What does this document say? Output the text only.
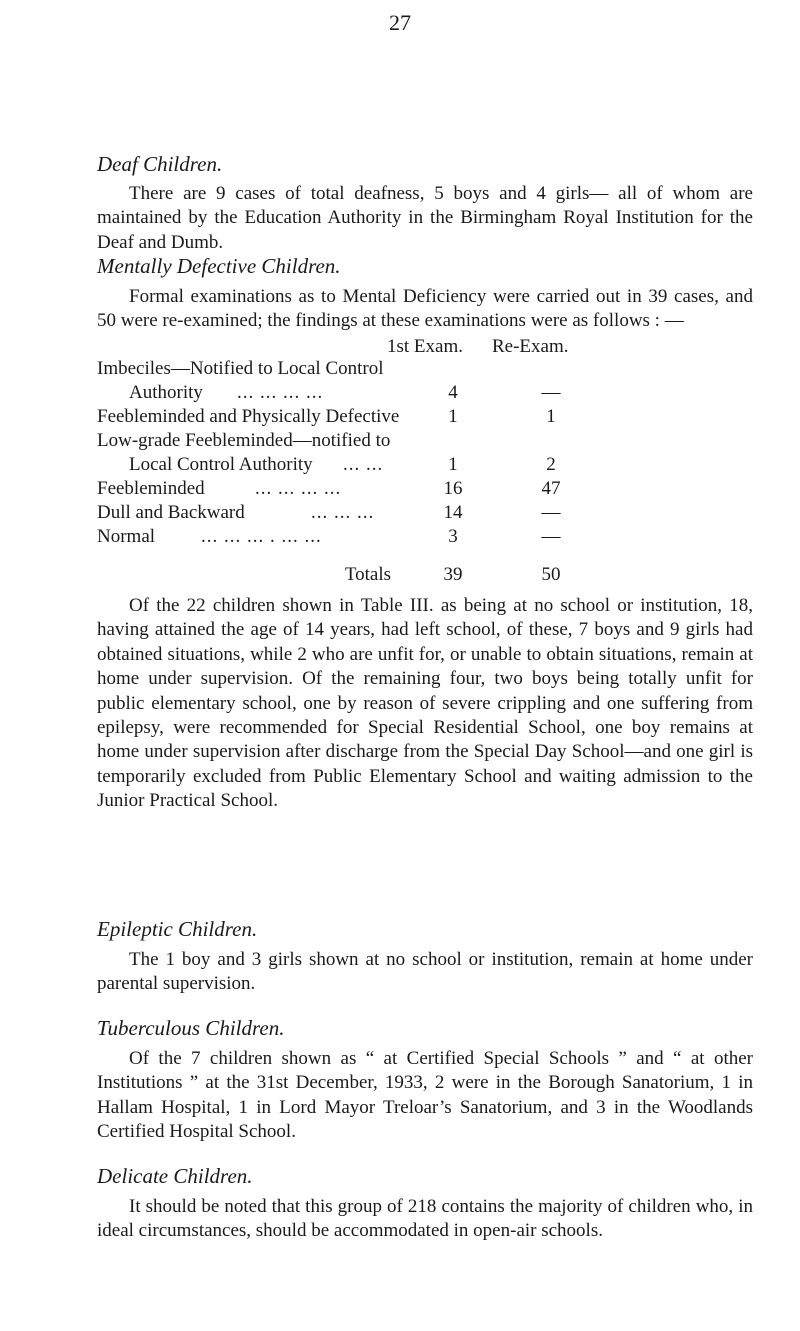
27
Deaf Children.

There are 9 cases of total deafness, 5 boys and 4 girls— all of whom are maintained by the Education Authority in the Birmingham Royal Institution for the Deaf and Dumb.

Mentally Defective Children.

Formal examinations as to Mental Deficiency were carried out in 39 cases, and 50 were re-examined; the findings at these examinations were as follows : —

1st Exam. Re-Exam.
Imbeciles—Notified to Local Control
Authority ... ... ... ...	4	—
Feebleminded and Physically Defective	1	1
Low-grade Feebleminded—notified to
Local Control Authority ... ...	1	2
Feebleminded	... ... ... ...	16	47
Dull and Backward	... ... ...	14	—
Normal ... ... ... . ... ...	3	—
Totals	39	50

Of the 22 children shown in Table III. as being at no school or institution, 18, having attained the age of 14 years, had left school, of these, 7 boys and 9 girls had obtained situations, while 2 who are unfit for, or unable to obtain situations, remain at home under supervision. Of the remaining four, two boys being totally unfit for public elementary school, one by reason of severe crippling and one suffering from epilepsy, were recommended for Special Residential School, one boy remains at home under supervision after discharge from the Special Day School—and one girl is temporarily excluded from Public Elementary School and waiting admission to the Junior Practical School.

Epileptic Children.

The 1 boy and 3 girls shown at no school or institution, remain at home under parental supervision.

Tuberculous Children.

Of the 7 children shown as “ at Certified Special Schools ” and “ at other Institutions ” at the 31st December, 1933, 2 were in the Borough Sanatorium, 1 in Hallam Hospital, 1 in Lord Mayor Treloar’s Sanatorium, and 3 in the Woodlands Certified Hospital School.

Delicate Children.

It should be noted that this group of 218 contains the majority of children who, in ideal circumstances, should be accommodated in open-air schools.
